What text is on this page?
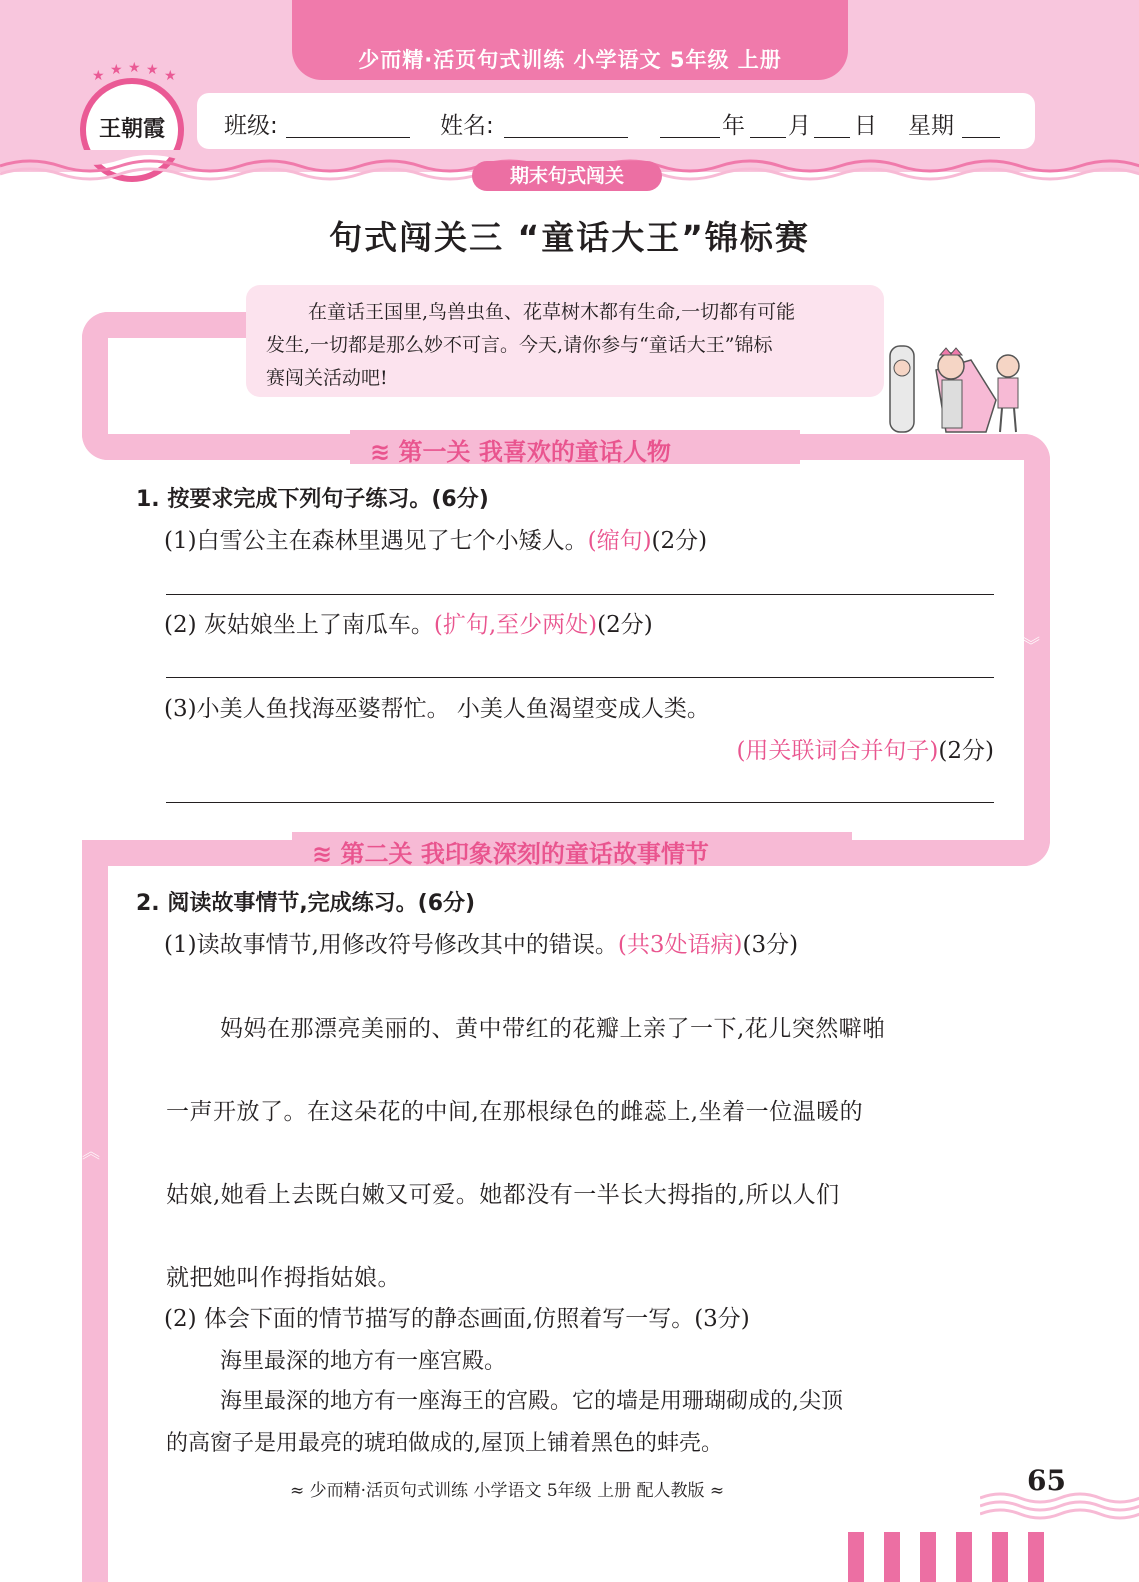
少而精·活页句式训练 小学语文 5年级 上册
★ ★ ★ ★ ★
王朝霞	班级:	姓名:	年 月 日 星期
期末句式闯关
句式闯关三 “童话大王”锦标赛
︾
︽
在童话王国里,鸟兽虫鱼、花草树木都有生命,一切都有可能
发生,一切都是那么妙不可言。今天,请你参与“童话大王”锦标
赛闯关活动吧!
≋ 第一关 我喜欢的童话人物
1. 按要求完成下列句子练习。(6分)
(1)白雪公主在森林里遇见了七个小矮人。(缩句)(2分)
(2) 灰姑娘坐上了南瓜车。(扩句,至少两处)(2分)
(3)小美人鱼找海巫婆帮忙。 小美人鱼渴望变成人类。
(用关联词合并句子)(2分)
≋ 第二关 我印象深刻的童话故事情节
2. 阅读故事情节,完成练习。(6分)
(1)读故事情节,用修改符号修改其中的错误。(共3处语病)(3分)
妈妈在那漂亮美丽的、黄中带红的花瓣上亲了一下,花儿突然噼啪
一声开放了。在这朵花的中间,在那根绿色的雌蕊上,坐着一位温暖的
姑娘,她看上去既白嫩又可爱。她都没有一半长大拇指的,所以人们
就把她叫作拇指姑娘。
(2) 体会下面的情节描写的静态画面,仿照着写一写。(3分)
海里最深的地方有一座宫殿。
海里最深的地方有一座海王的宫殿。它的墙是用珊瑚砌成的,尖顶
的高窗子是用最亮的琥珀做成的,屋顶上铺着黑色的蚌壳。
≈ 少而精·活页句式训练 小学语文 5年级 上册 配人教版 ≈	65
